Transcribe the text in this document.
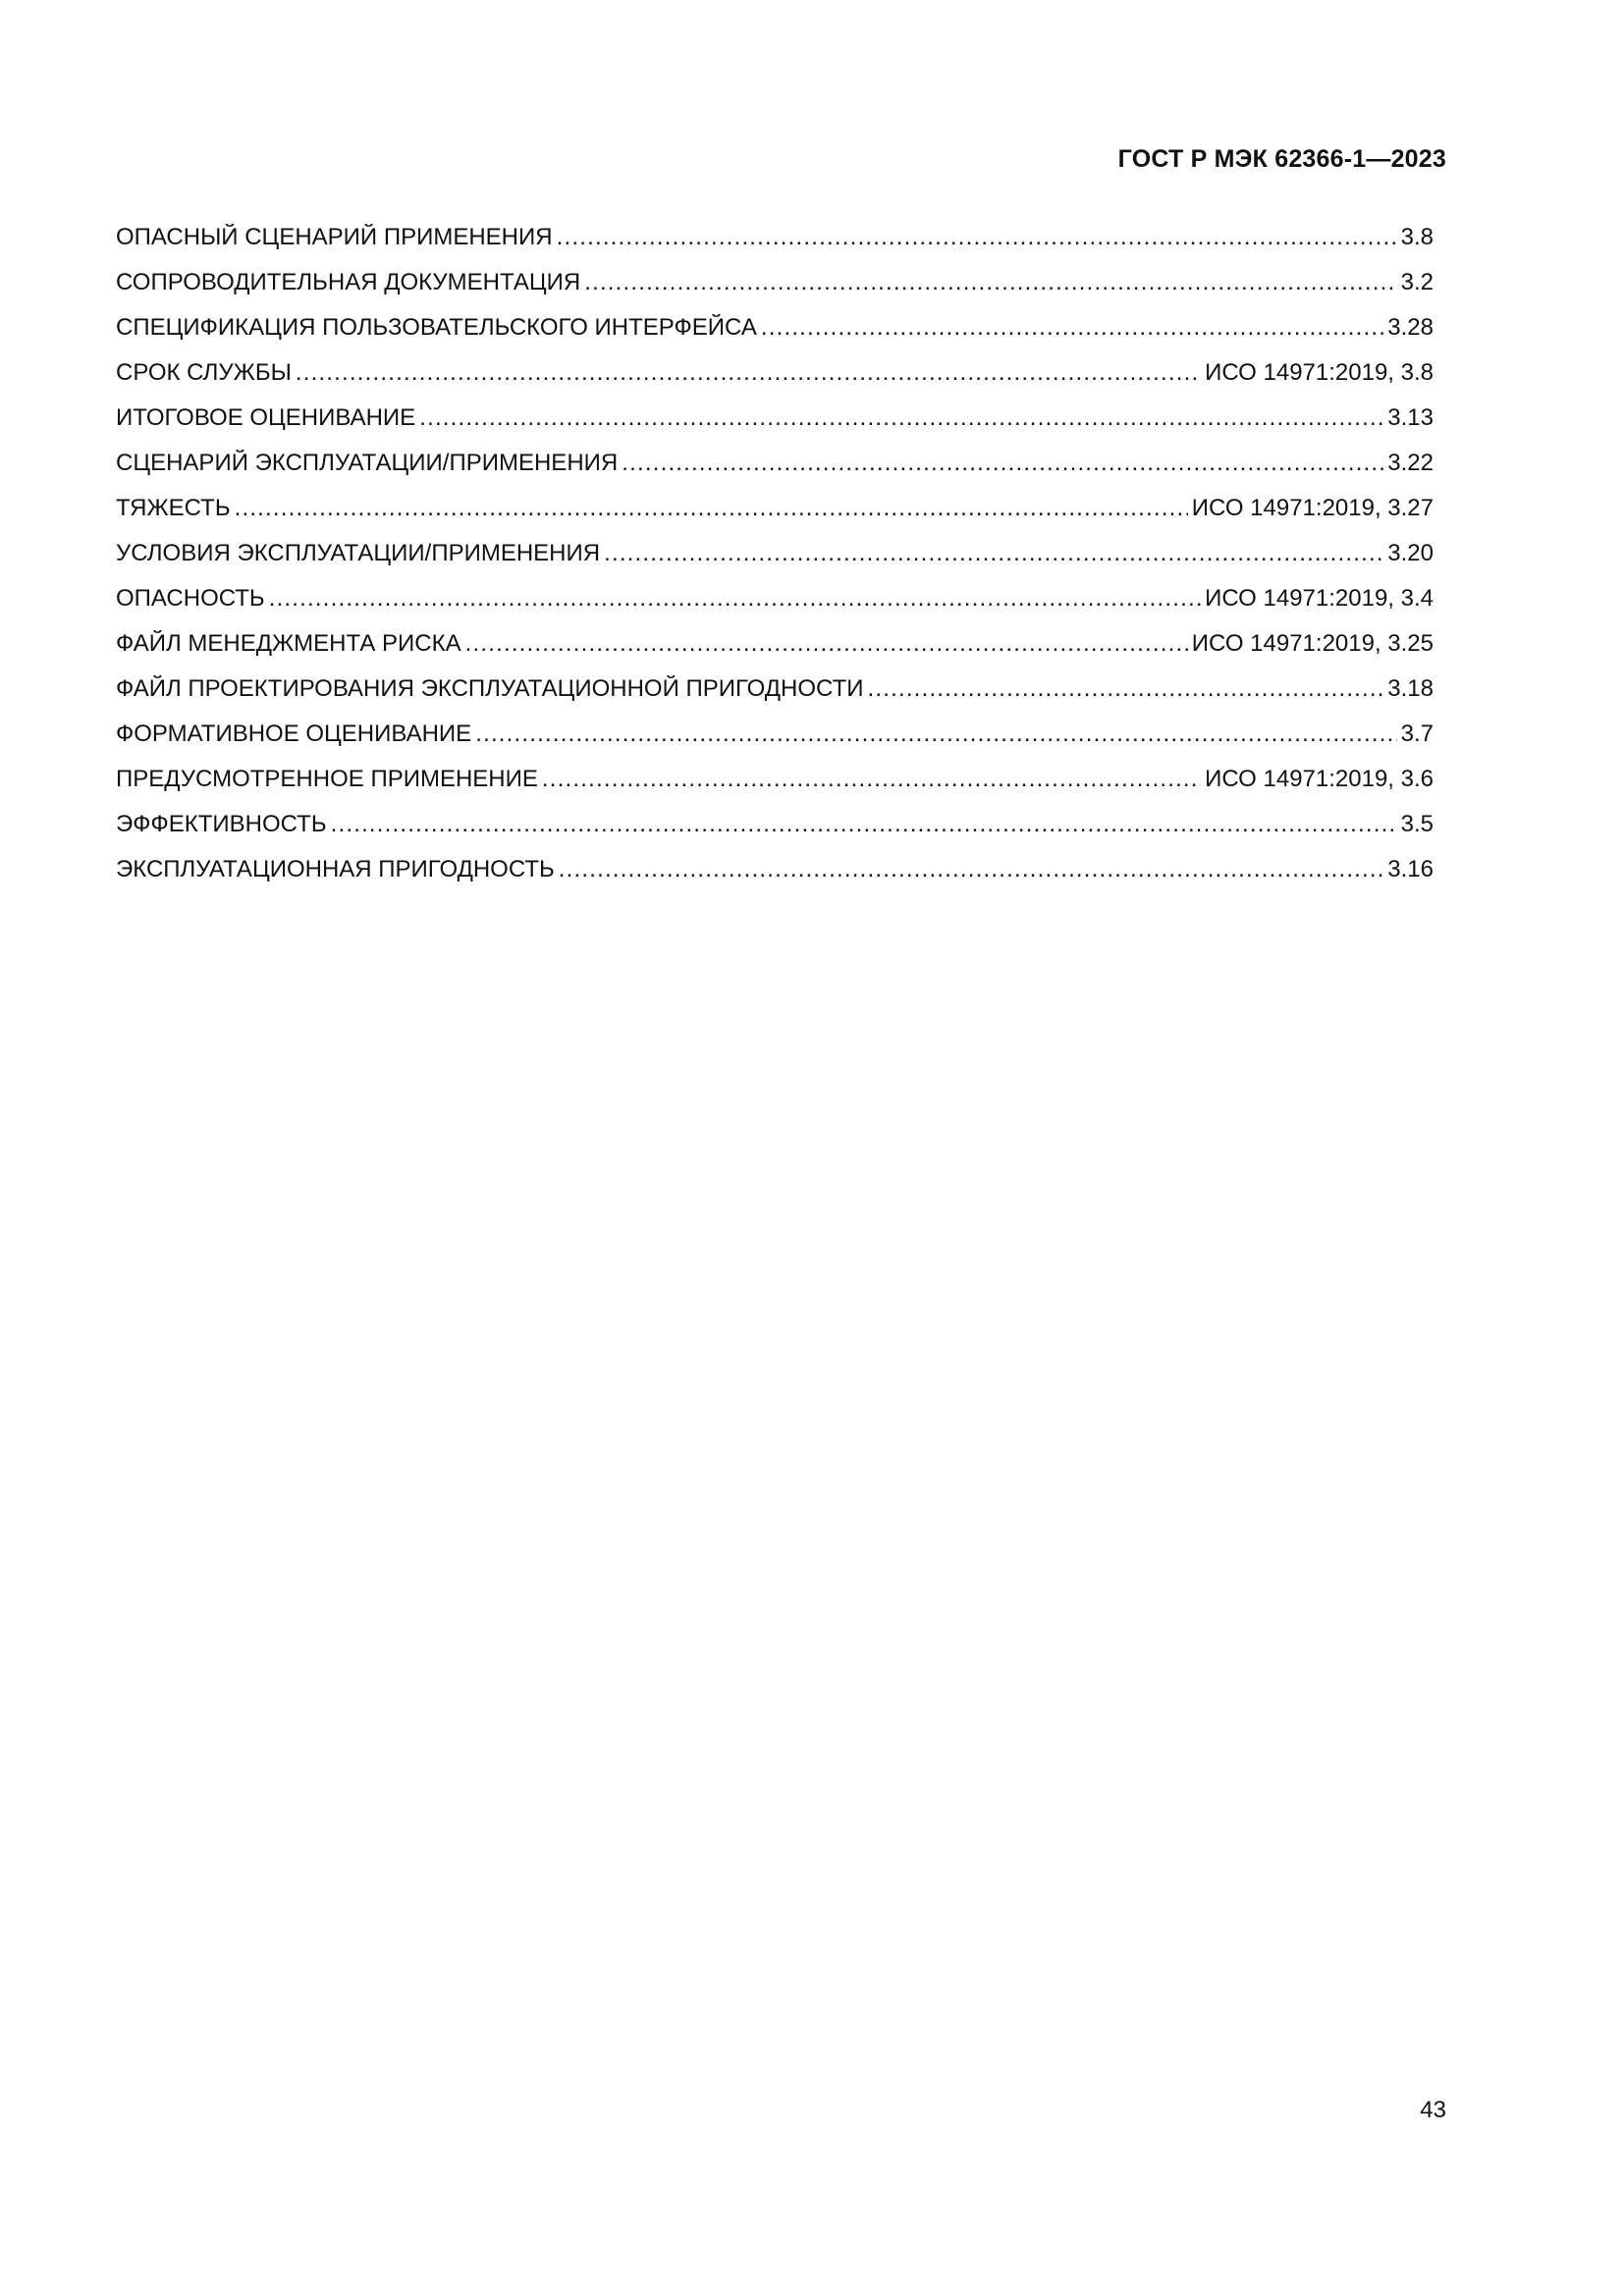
ГОСТ Р МЭК 62366-1—2023
ОПАСНЫЙ СЦЕНАРИЙ ПРИМЕНЕНИЯ .....	3.8
СОПРОВОДИТЕЛЬНАЯ ДОКУМЕНТАЦИЯ .....	3.2
СПЕЦИФИКАЦИЯ ПОЛЬЗОВАТЕЛЬСКОГО ИНТЕРФЕЙСА .....	3.28
СРОК СЛУЖБЫ .....	ИСО 14971:2019, 3.8
ИТОГОВОЕ ОЦЕНИВАНИЕ .....	3.13
СЦЕНАРИЙ ЭКСПЛУАТАЦИИ/ПРИМЕНЕНИЯ .....	3.22
ТЯЖЕСТЬ .....	ИСО 14971:2019, 3.27
УСЛОВИЯ ЭКСПЛУАТАЦИИ/ПРИМЕНЕНИЯ .....	3.20
ОПАСНОСТЬ .....	ИСО 14971:2019, 3.4
ФАЙЛ МЕНЕДЖМЕНТА РИСКА .....	ИСО 14971:2019, 3.25
ФАЙЛ ПРОЕКТИРОВАНИЯ ЭКСПЛУАТАЦИОННОЙ ПРИГОДНОСТИ .....	3.18
ФОРМАТИВНОЕ ОЦЕНИВАНИЕ .....	3.7
ПРЕДУСМОТРЕННОЕ ПРИМЕНЕНИЕ .....	ИСО 14971:2019, 3.6
ЭФФЕКТИВНОСТЬ .....	3.5
ЭКСПЛУАТАЦИОННАЯ ПРИГОДНОСТЬ .....	3.16
43
